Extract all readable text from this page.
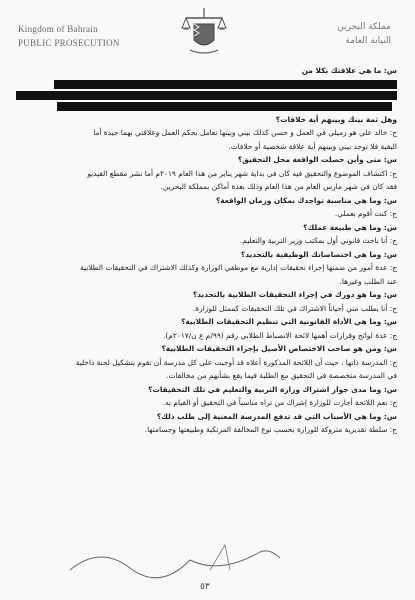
Kingdom of Bahrain
PUBLIC PROSECUTION
مملكة البحرين
النيابة العامة
س: ما هي علاقتك بكلا من
وهل ثمة بينك وبينهم أية خلافات؟
ج: خالد علي هو زميلي في العمل و حسن كذلك بيني وبينها تعامل بحكم العمل وعلاقتي بهما جيدة أما
البقية فلا توجد بيني وبينهم أية علاقة شخصية أو خلافات.
س: متى وأين حصلت الواقعة محل التحقيق؟
ج: اكتشاف الموضوع والتحقيق فيه كان في بداية شهر يناير من هذا العام ٢٠١٩م أما نشر مقطع الفيديو
فقد كان في شهر مارس العام من هذا العام وذلك بعدة أماكن بمملكة البحرين.
س: وما هي مناسبة تواجدك بمكان وزمان الواقعة؟
ج: كنت أقوم بعملي.
س: وما هي طبيعة عملك؟
ج: أنا باحث قانوني أول بمكتب وزير التربية والتعليم.
س: وما هي اختصاصاتك الوظيفية بالتحديد؟
ج: عدة أمور من ضمنها إجراء تحقيقات إدارية مع موظفي الوزارة وكذلك الاشتراك في التحقيقات الطلابية
عند الطلب وغيرها.
س: وما هو دورك في إجراء التحقيقات الطلابية بالتحديد؟
ج: أنا يطلب مني أحياناً الاشتراك في تلك التحقيقات كممثل للوزارة.
س: وما هي الأداة القانونية التي تنظيم التحقيقات الطلابية؟
ج: عدة لوائح وقرارات أهمها لائحة الانضباط الطلابي رقم (٩٩/م ع ن/٢٠١٧م).
س: ومن هو صاحب الاختصاص الأصيل بإجراء التحقيقات الطلابية؟
ج: المدرسة ذاتها ، حيث أن اللائحة المذكورة أعلاه قد أوجبت على كل مدرسة أن تقوم بتشكيل لجنة داخلية
في المدرسة متخصصة في التحقيق مع الطلبة فيما يقع بشأنهم من مخالفات.
س: وما مدى جواز اشتراك وزارة التربية والتعليم في تلك التحقيقات؟
ج: نعم اللائحة أجازت للوزارة إشراك من تراه مناسباً في التحقيق أو القيام به.
س: وما هي الأسباب التي قد تدفع المدرسة المعنية إلى طلب ذلك؟
ج: سلطة تقديرية متروكة للوزارة بحسب نوع المخالفة المرتكبة وطبيعتها وجسامتها.
٥٣
